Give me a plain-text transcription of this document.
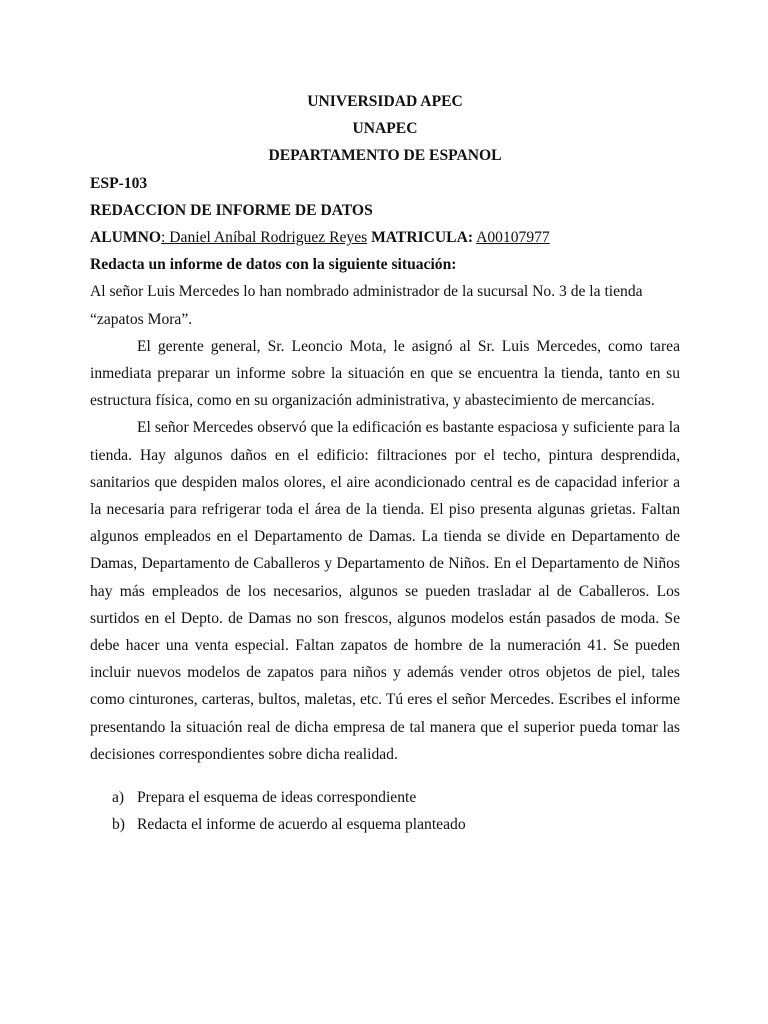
UNIVERSIDAD APEC

UNAPEC

DEPARTAMENTO DE ESPANOL

ESP-103

REDACCION DE INFORME DE DATOS

ALUMNO: Daniel Aníbal Rodriguez Reyes MATRICULA: A00107977

Redacta un informe de datos con la siguiente situación:

Al señor Luis Mercedes lo han nombrado administrador de la sucursal No. 3 de la tienda “zapatos Mora”.

El gerente general, Sr. Leoncio Mota, le asignó al Sr. Luis Mercedes, como tarea inmediata preparar un informe sobre la situación en que se encuentra la tienda, tanto en su estructura física, como en su organización administrativa, y abastecimiento de mercancías.

El señor Mercedes observó que la edificación es bastante espaciosa y suficiente para la tienda. Hay algunos daños en el edificio: filtraciones por el techo, pintura desprendida, sanitarios que despiden malos olores, el aire acondicionado central es de capacidad inferior a la necesaria para refrigerar toda el área de la tienda. El piso presenta algunas grietas. Faltan algunos empleados en el Departamento de Damas. La tienda se divide en Departamento de Damas, Departamento de Caballeros y Departamento de Niños. En el Departamento de Niños hay más empleados de los necesarios, algunos se pueden trasladar al de Caballeros. Los surtidos en el Depto. de Damas no son frescos, algunos modelos están pasados de moda. Se debe hacer una venta especial. Faltan zapatos de hombre de la numeración 41. Se pueden incluir nuevos modelos de zapatos para niños y además vender otros objetos de piel, tales como cinturones, carteras, bultos, maletas, etc. Tú eres el señor Mercedes. Escribes el informe presentando la situación real de dicha empresa de tal manera que el superior pueda tomar las decisiones correspondientes sobre dicha realidad.

a) Prepara el esquema de ideas correspondiente
b) Redacta el informe de acuerdo al esquema planteado
